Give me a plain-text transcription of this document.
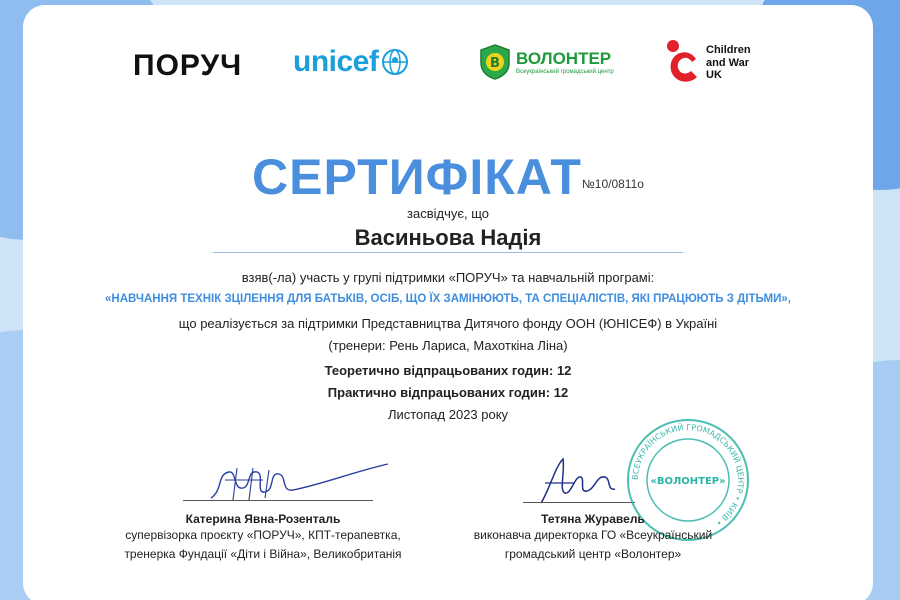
ПОРУЧ unicef	B ВОЛОНТЕР
Всеукраїнський громадський центр
Children
and War
UK
СЕРТИФІКАТ№10/0811о
засвідчує, що
Васиньова Надія
взяв(-ла) участь у групі підтримки «ПОРУЧ» та навчальній програмі:
«НАВЧАННЯ ТЕХНІК ЗЦІЛЕННЯ ДЛЯ БАТЬКІВ, ОСІБ, ЩО ЇХ ЗАМІНЮЮТЬ, ТА СПЕЦІАЛІСТІВ, ЯКІ ПРАЦЮЮТЬ З ДІТЬМИ»,
що реалізується за підтримки Представництва Дитячого фонду ООН (ЮНІСЕФ) в Україні
(тренери: Рень Лариса, Махоткіна Ліна)
Теоретично відпрацьованих годин: 12
Практично відпрацьованих годин: 12
Листопад 2023 року
ВСЕУКРАЇНСЬКИЙ ГРОМАДСЬКИЙ ЦЕНТР • КИЇВ •
«ВОЛОНТЕР»
Катерина Явна-Розенталь
супервізорка проєкту «ПОРУЧ», КПТ-терапевтка,
тренерка Фундації «Діти і Війна», Великобританія
Тетяна Журавель
виконавча директорка ГО «Всеукраїнський
громадський центр «Волонтер»
